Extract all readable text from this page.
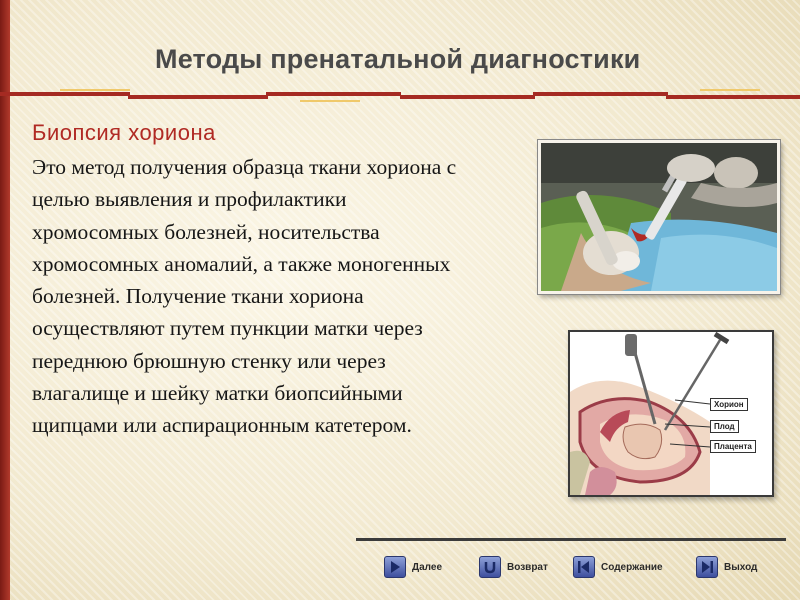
Методы пренатальной диагностики
Биопсия хориона

Это метод получения образца ткани хориона с целью выявления и профилактики хромосомных болезней, носительства хромосомных аномалий, а также моногенных болезней. Получение ткани хориона осуществляют путем пункции матки через переднюю брюшную стенку или через влагалище и шейку матки биопсийными щипцами или аспирационным катетером.

Хорион
Плод
Плацента
Далее	Возврат	Содержание	Выход
